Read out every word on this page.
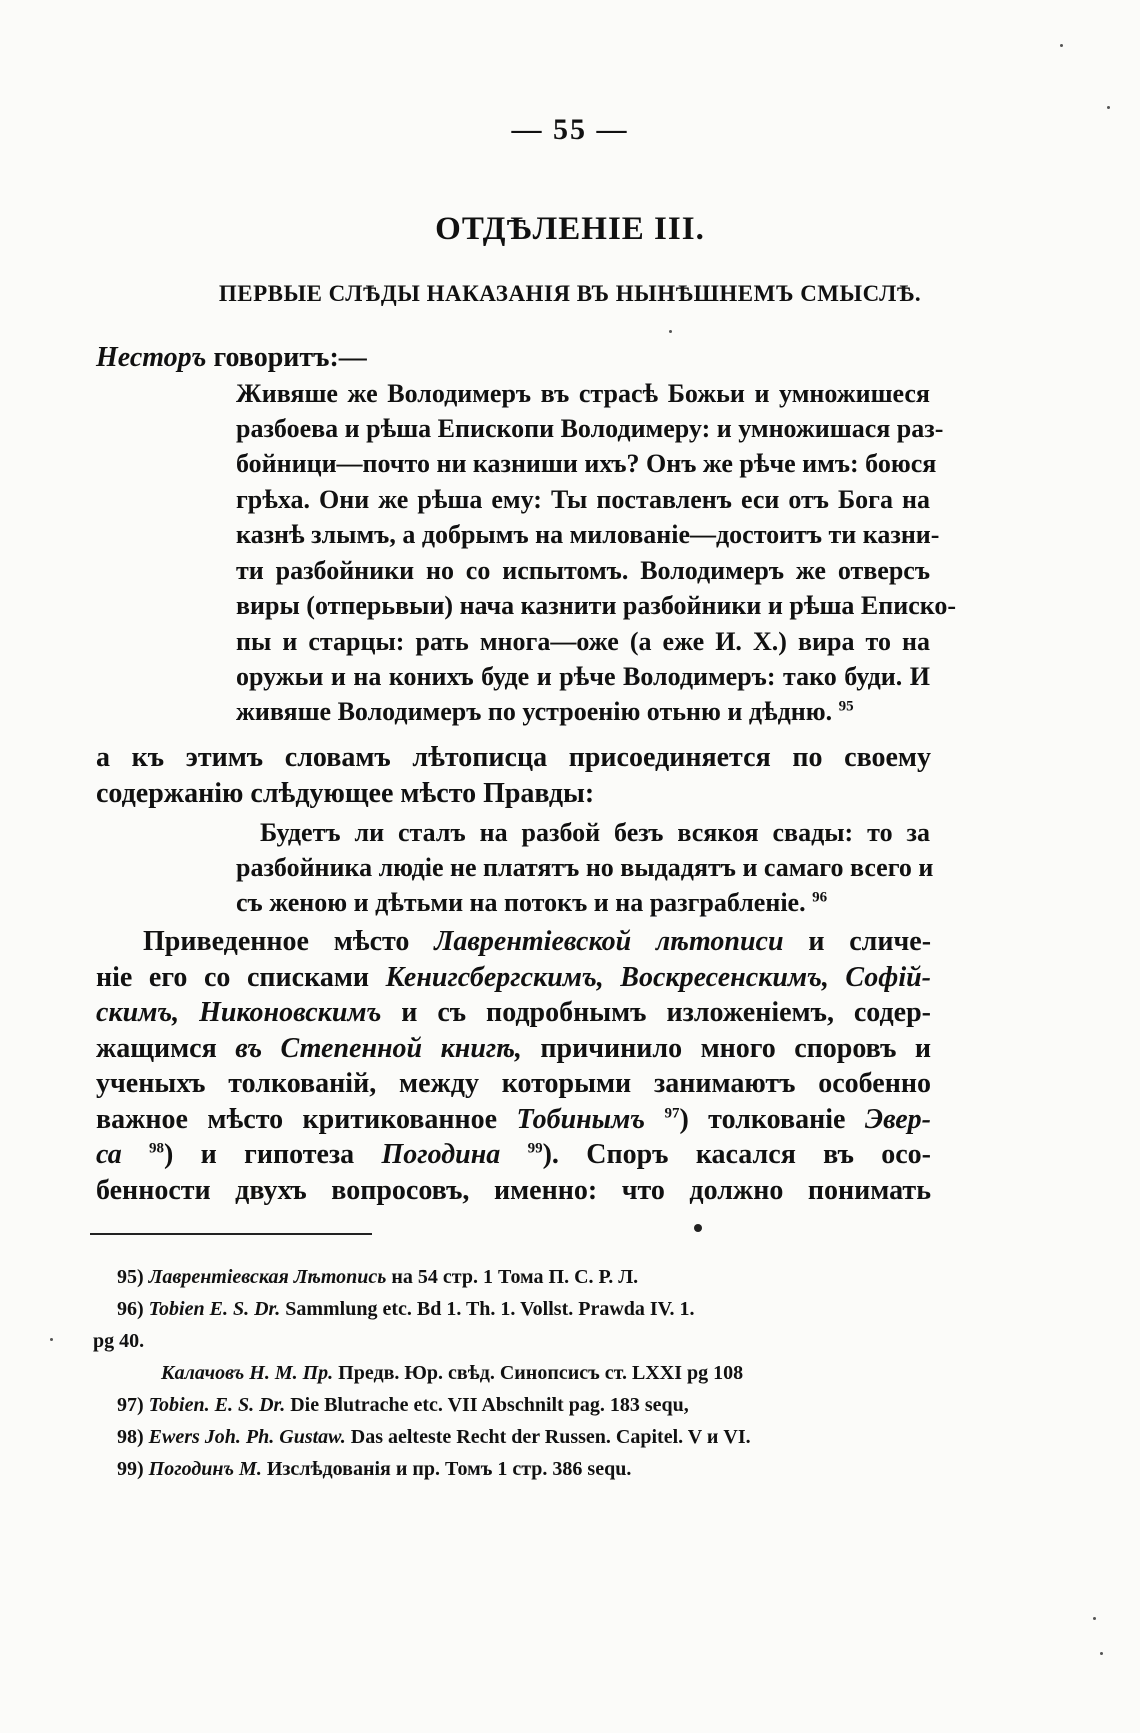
— 55 —
ОТДѢЛЕНІЕ III.
ПЕРВЫЕ СЛѢДЫ НАКАЗАНІЯ ВЪ НЫНѢШНЕМЪ СМЫСЛѢ.
Несторъ говоритъ:—
Живяше же Володимеръ въ страсѣ Божьи и умножишеся
разбоева и рѣша Епископи Володимеру: и умножишася раз-
бойници—почто ни казниши ихъ? Онъ же рѣче имъ: боюся
грѣха. Они же рѣша ему: Ты поставленъ еси отъ Бога на
казнѣ злымъ, а добрымъ на милованіе—достоитъ ти казни-
ти разбойники но со испытомъ. Володимеръ же отверсъ
виры (отперьвыи) нача казнити разбойники и рѣша Еписко-
пы и старцы: рать многа—оже (а еже И. Х.) вира то на
оружьи и на конихъ буде и рѣче Володимеръ: тако буди. И
живяше Володимеръ по устроенію отьню и дѣдню. $^{95}$
а къ этимъ словамъ лѣтописца присоединяется по своему
содержанію слѣдующее мѣсто Правды:
Будетъ ли сталъ на разбой безъ всякоя свады: то за
разбойника людіе не платятъ но выдадятъ и самаго всего и
съ женою и дѣтьми на потокъ и на разграбленіе. $^{96}$
Приведенное мѣсто Лаврентіевской лѣтописи и сличе-
ніе его со списками Кенигсбергскимъ, Воскресенскимъ, Софій-
скимъ, Никоновскимъ и съ подробнымъ изложеніемъ, содер-
жащимся въ Степенной книгѣ, причинило много споровъ и
ученыхъ толкованій, между которыми занимаютъ особенно
важное мѣсто критикованное Тобинымъ $^{97}$) толкованіе Эвер-
са $^{98}$) и гипотеза Погодина $^{99}$). Споръ касался въ осо-
бенности двухъ вопросовъ, именно: что должно понимать
95) Лаврентіевская Лѣтопись на 54 стр. 1 Тома П. С. Р. Л.
96) Tobien E. S. Dr. Sammlung etc. Bd 1. Th. 1. Vollst. Prawda IV. 1.
pg 40.
Калачовъ Н. М. Пр. Предв. Юр. свѣд. Синопсисъ ст. LXXI pg 108
97) Tobien. E. S. Dr. Die Blutrache etc. VII Abschnilt pag. 183 sequ,
98) Ewers Joh. Ph. Gustaw. Das aelteste Recht der Russen. Capitel. V и VI.
99) Погодинъ М. Изслѣдованія и пр. Томъ 1 стр. 386 sequ.
